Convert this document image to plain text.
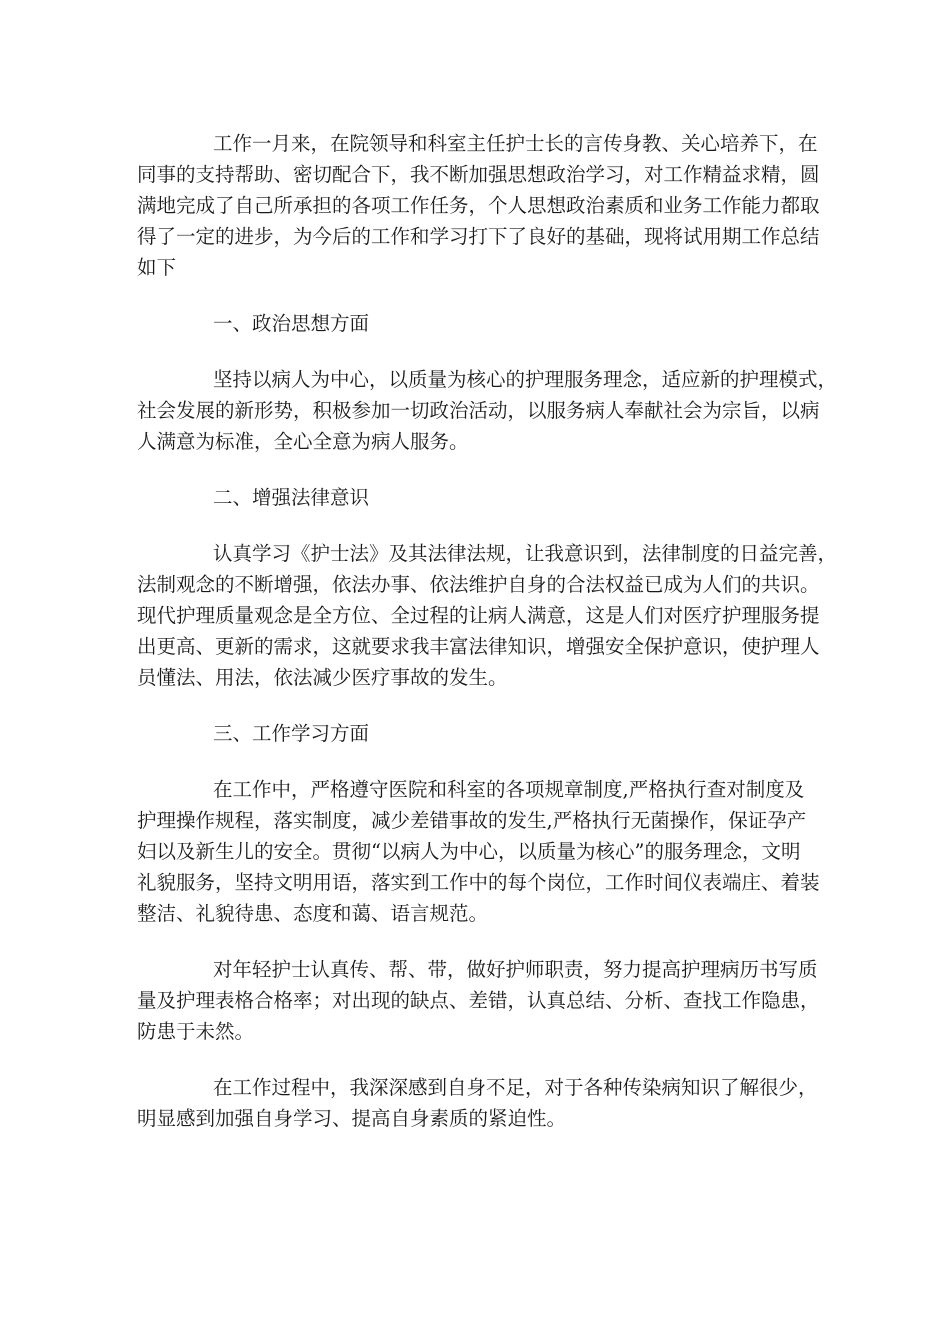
工作一月来，在院领导和科室主任护士长的言传身教、关心培养下，在
同事的支持帮助、密切配合下，我不断加强思想政治学习，对工作精益求精，圆
满地完成了自己所承担的各项工作任务，个人思想政治素质和业务工作能力都取
得了一定的进步，为今后的工作和学习打下了良好的基础，现将试用期工作总结
如下
一、政治思想方面
坚持以病人为中心，以质量为核心的护理服务理念，适应新的护理模式，
社会发展的新形势，积极参加一切政治活动，以服务病人奉献社会为宗旨，以病
人满意为标准，全心全意为病人服务。
二、增强法律意识
认真学习《护士法》及其法律法规，让我意识到，法律制度的日益完善，
法制观念的不断增强，依法办事、依法维护自身的合法权益已成为人们的共识。
现代护理质量观念是全方位、全过程的让病人满意，这是人们对医疗护理服务提
出更高、更新的需求，这就要求我丰富法律知识，增强安全保护意识，使护理人
员懂法、用法，依法减少医疗事故的发生。
三、工作学习方面
在工作中，严格遵守医院和科室的各项规章制度,严格执行查对制度及
护理操作规程，落实制度，减少差错事故的发生,严格执行无菌操作，保证孕产
妇以及新生儿的安全。贯彻“以病人为中心，以质量为核心”的服务理念，文明
礼貌服务，坚持文明用语，落实到工作中的每个岗位，工作时间仪表端庄、着装
整洁、礼貌待患、态度和蔼、语言规范。
对年轻护士认真传、帮、带，做好护师职责，努力提高护理病历书写质
量及护理表格合格率；对出现的缺点、差错，认真总结、分析、查找工作隐患，
防患于未然。
在工作过程中，我深深感到自身不足，对于各种传染病知识了解很少，
明显感到加强自身学习、提高自身素质的紧迫性。
